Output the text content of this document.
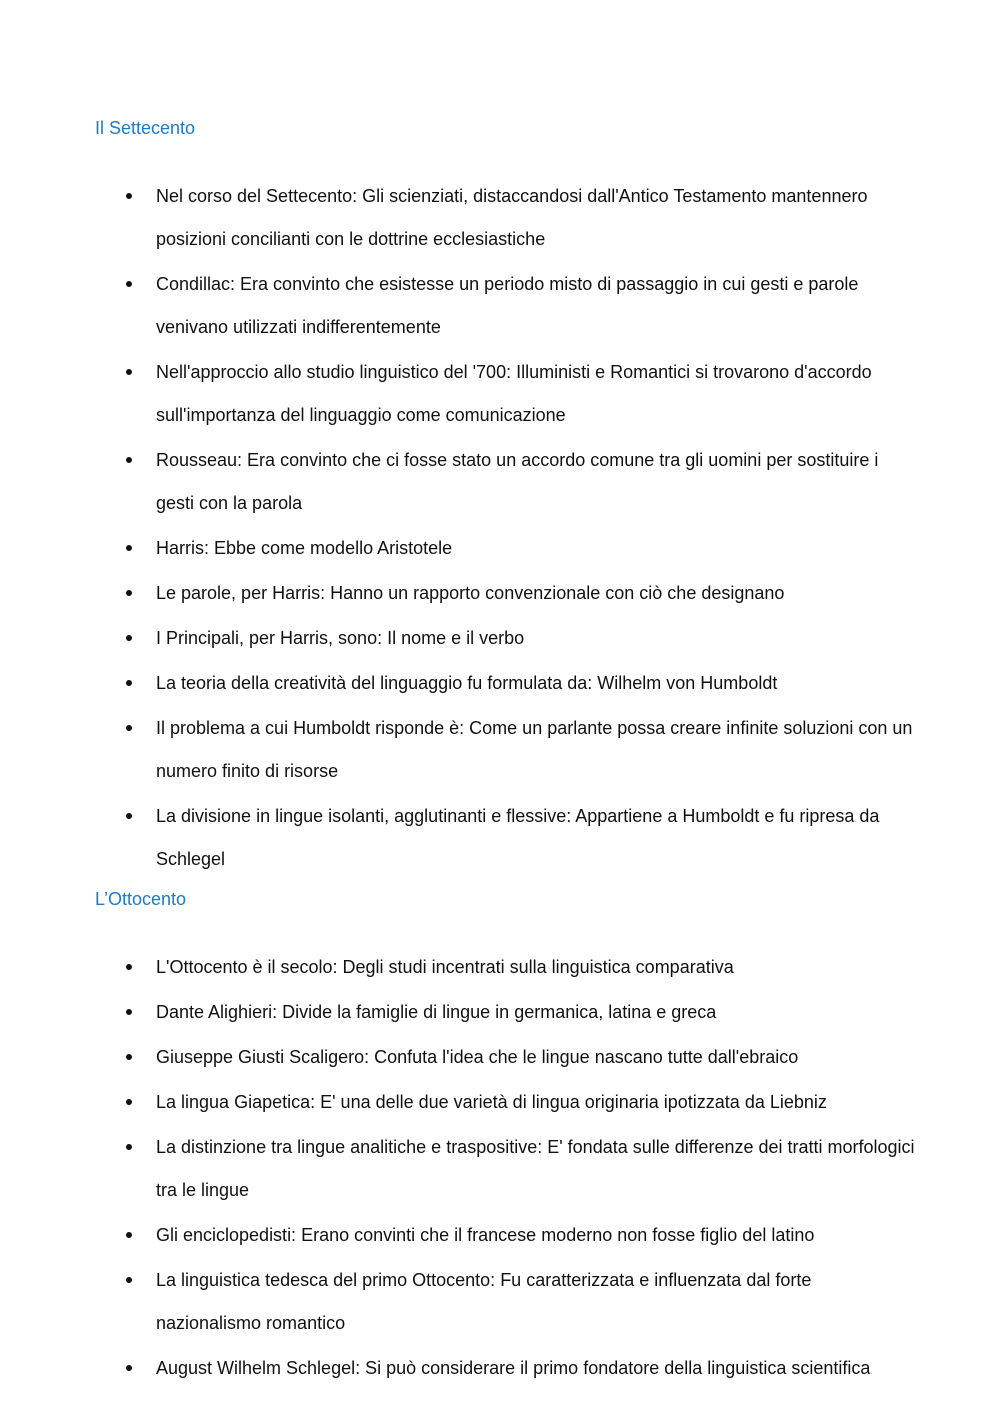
Il Settecento
Nel corso del Settecento: Gli scienziati, distaccandosi dall'Antico Testamento mantennero posizioni concilianti con le dottrine ecclesiastiche
Condillac: Era convinto che esistesse un periodo misto di passaggio in cui gesti e parole venivano utilizzati indifferentemente
Nell'approccio allo studio linguistico del '700: Illuministi e Romantici si trovarono d'accordo sull'importanza del linguaggio come comunicazione
Rousseau: Era convinto che ci fosse stato un accordo comune tra gli uomini per sostituire i gesti con la parola
Harris: Ebbe come modello Aristotele
Le parole, per Harris: Hanno un rapporto convenzionale con ciò che designano
I Principali, per Harris, sono: Il nome e il verbo
La teoria della creatività del linguaggio fu formulata da: Wilhelm von Humboldt
Il problema a cui Humboldt risponde è: Come un parlante possa creare infinite soluzioni con un numero finito di risorse
La divisione in lingue isolanti, agglutinanti e flessive: Appartiene a Humboldt e fu ripresa da Schlegel
L’Ottocento
L'Ottocento è il secolo: Degli studi incentrati sulla linguistica comparativa
Dante Alighieri: Divide la famiglie di lingue in germanica, latina e greca
Giuseppe Giusti Scaligero: Confuta l'idea che le lingue nascano tutte dall'ebraico
La lingua Giapetica: E' una delle due varietà di lingua originaria ipotizzata da Liebniz
La distinzione tra lingue analitiche e traspositive: E' fondata sulle differenze dei tratti morfologici tra le lingue
Gli enciclopedisti: Erano convinti che il francese moderno non fosse figlio del latino
La linguistica tedesca del primo Ottocento: Fu caratterizzata e influenzata dal forte nazionalismo romantico
August Wilhelm Schlegel: Si può considerare il primo fondatore della linguistica scientifica
